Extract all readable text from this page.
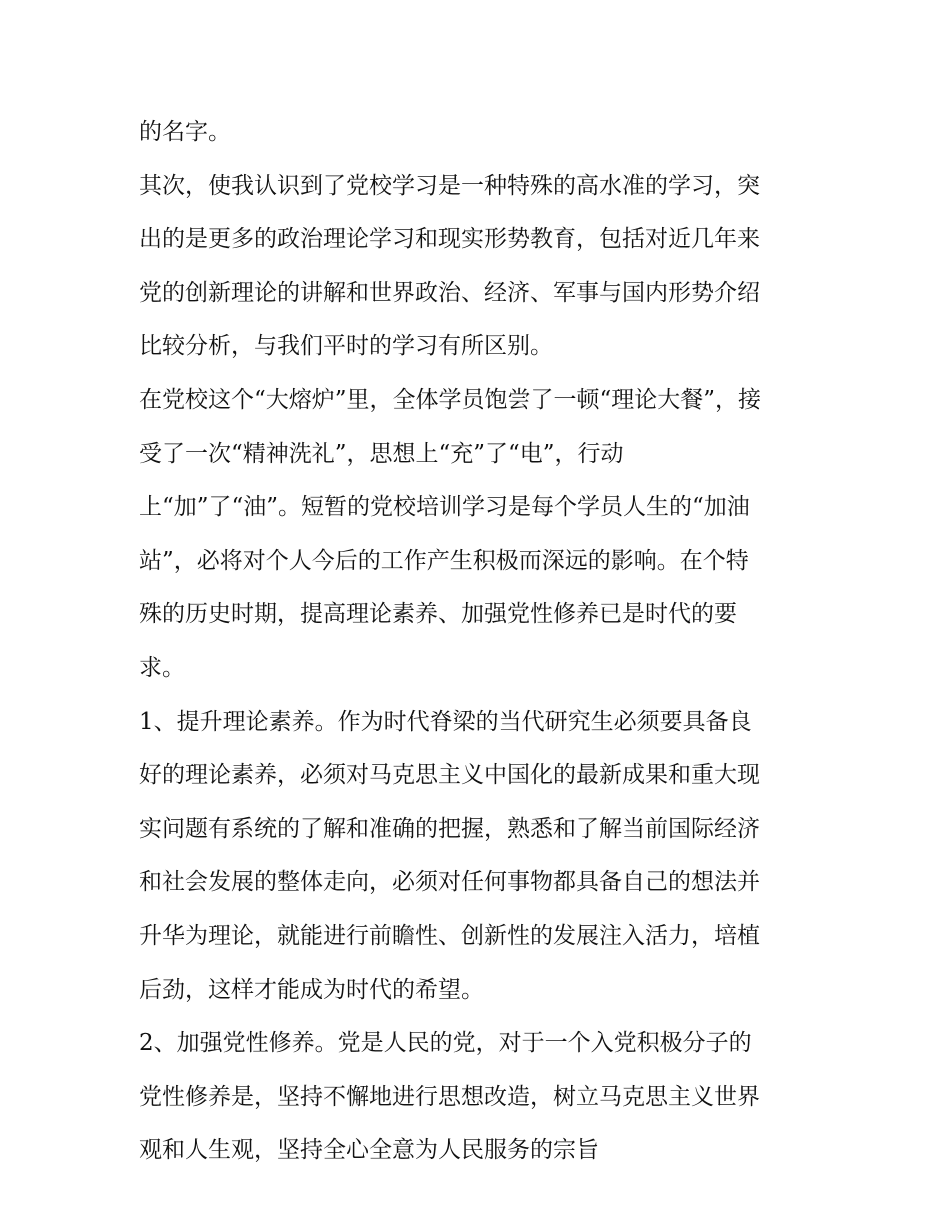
的名字。
其次，使我认识到了党校学习是一种特殊的高水准的学习，突
出的是更多的政治理论学习和现实形势教育，包括对近几年来
党的创新理论的讲解和世界政治、经济、军事与国内形势介绍
比较分析，与我们平时的学习有所区别。
在党校这个“大熔炉”里，全体学员饱尝了一顿“理论大餐”，接
受了一次“精神洗礼”，思想上“充”了“电”，行动
上“加”了“油”。短暂的党校培训学习是每个学员人生的“加油
站”，必将对个人今后的工作产生积极而深远的影响。在个特
殊的历史时期，提高理论素养、加强党性修养已是时代的要
求。
1、提升理论素养。作为时代脊梁的当代研究生必须要具备良
好的理论素养，必须对马克思主义中国化的最新成果和重大现
实问题有系统的了解和准确的把握，熟悉和了解当前国际经济
和社会发展的整体走向，必须对任何事物都具备自己的想法并
升华为理论，就能进行前瞻性、创新性的发展注入活力，培植
后劲，这样才能成为时代的希望。
2、加强党性修养。党是人民的党，对于一个入党积极分子的
党性修养是，坚持不懈地进行思想改造，树立马克思主义世界
观和人生观，坚持全心全意为人民服务的宗旨
